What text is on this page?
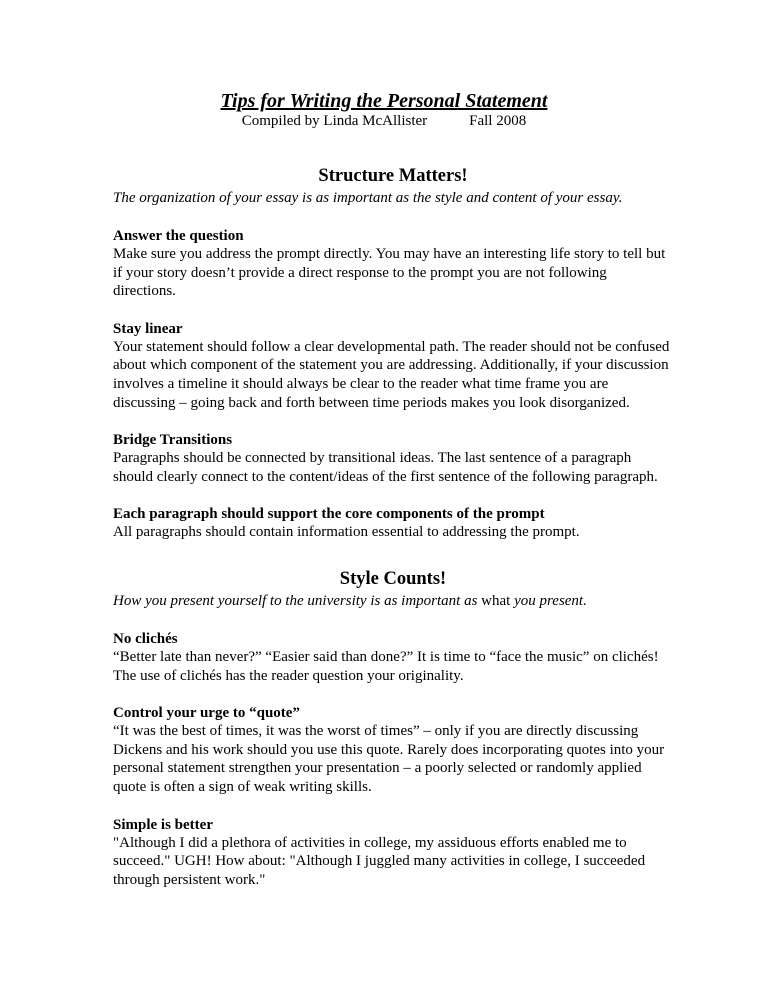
Tips for Writing the Personal Statement
Compiled by Linda McAllister	Fall 2008
Structure Matters!

The organization of your essay is as important as the style and content of your essay.

Answer the question

Make sure you address the prompt directly. You may have an interesting life story to tell but if your story doesn’t provide a direct response to the prompt you are not following directions.

Stay linear

Your statement should follow a clear developmental path. The reader should not be confused about which component of the statement you are addressing. Additionally, if your discussion involves a timeline it should always be clear to the reader what time frame you are discussing – going back and forth between time periods makes you look disorganized.

Bridge Transitions

Paragraphs should be connected by transitional ideas. The last sentence of a paragraph should clearly connect to the content/ideas of the first sentence of the following paragraph.

Each paragraph should support the core components of the prompt

All paragraphs should contain information essential to addressing the prompt.

Style Counts!

How you present yourself to the university is as important as what you present.

No clichés

“Better late than never?” “Easier said than done?” It is time to “face the music” on clichés! The use of clichés has the reader question your originality.

Control your urge to “quote”

“It was the best of times, it was the worst of times” – only if you are directly discussing Dickens and his work should you use this quote. Rarely does incorporating quotes into your personal statement strengthen your presentation – a poorly selected or randomly applied quote is often a sign of weak writing skills.

Simple is better

"Although I did a plethora of activities in college, my assiduous efforts enabled me to succeed." UGH! How about: "Although I juggled many activities in college, I succeeded through persistent work."
